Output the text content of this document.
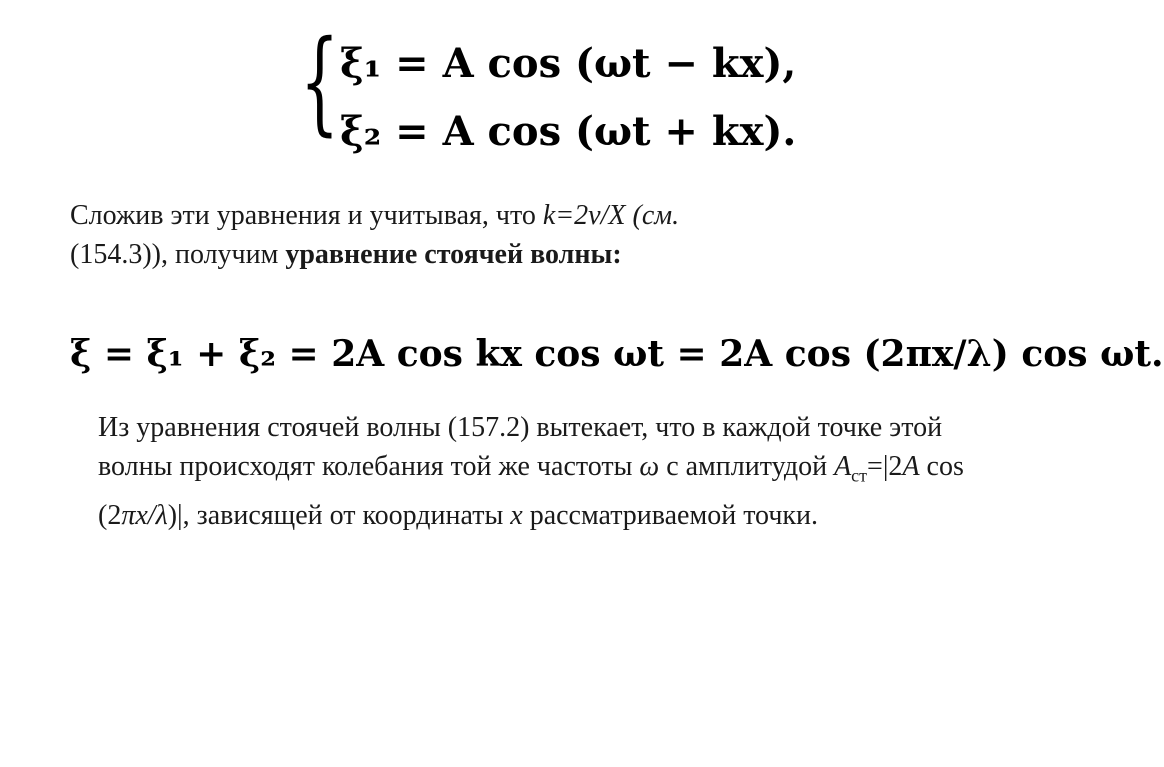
{ ξ₁ = A cos (ωt − kx),
ξ₂ = A cos (ωt + kx).

Сложив эти уравнения и учитывая, что k=2ν/Х (см.
(154.3)), получим уравнение стоячей волны:

ξ = ξ₁ + ξ₂ = 2A cos kx cos ωt = 2A cos (2πx/λ) cos ωt.

Из уравнения стоячей волны (157.2) вытекает, что в каждой точке этой волны происходят колебания той же частоты ω с амплитудой $A_{ст}=|2A$ cos (2πx/λ)|, зависящей от координаты x рассматриваемой точки.
